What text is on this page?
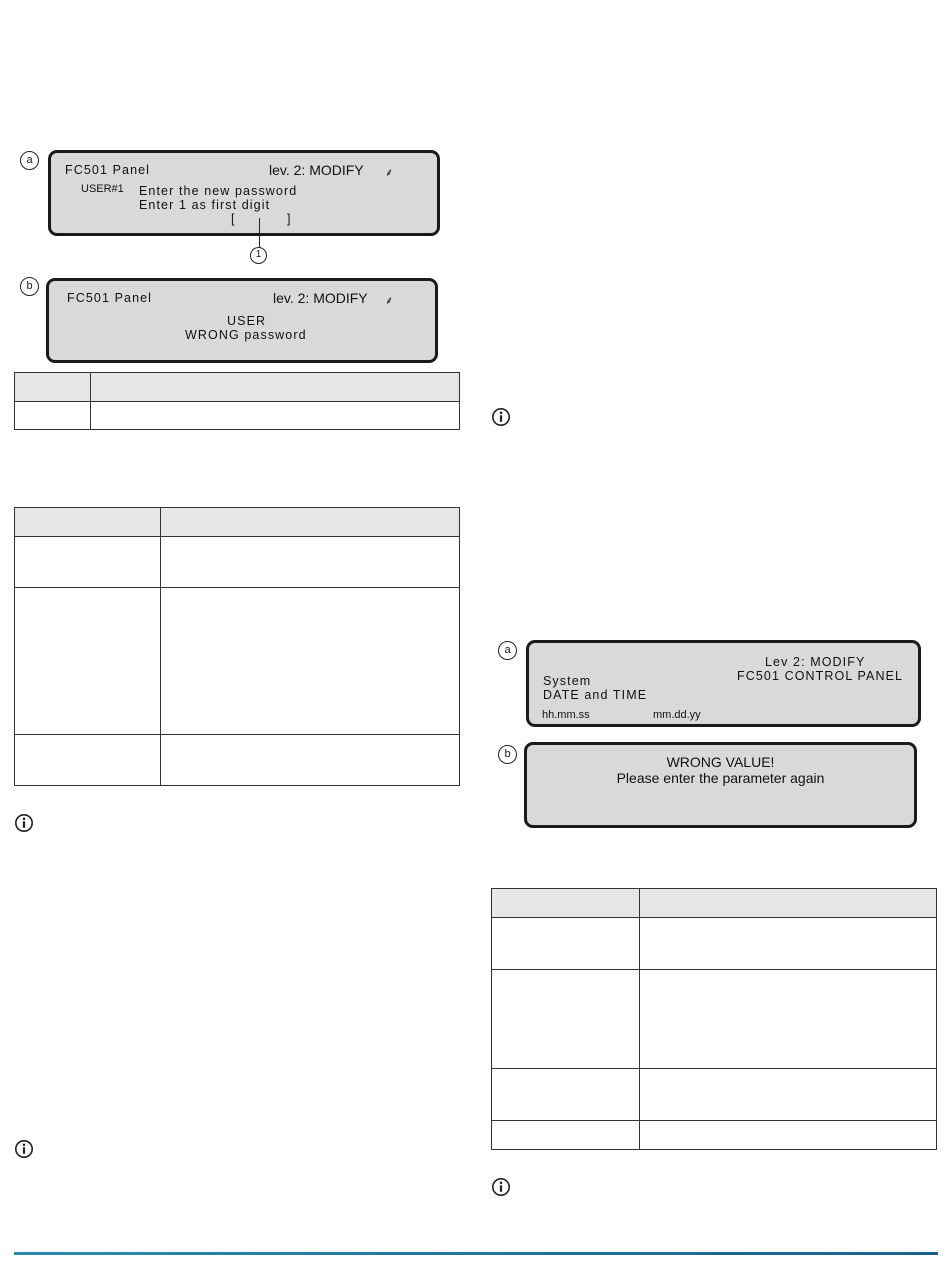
a
FC501 Panel	lev. 2: MODIFY ⸙
USER#1 Enter the new password
Enter 1 as first digit
[	]
1
b
FC501 Panel	lev. 2: MODIFY ⸙
USER
WRONG password

a
Lev 2: MODIFY
FC501 CONTROL PANEL
System
DATE and TIME
hh.mm.ss	mm.dd.yy
b	WRONG VALUE!
Please enter the parameter again
